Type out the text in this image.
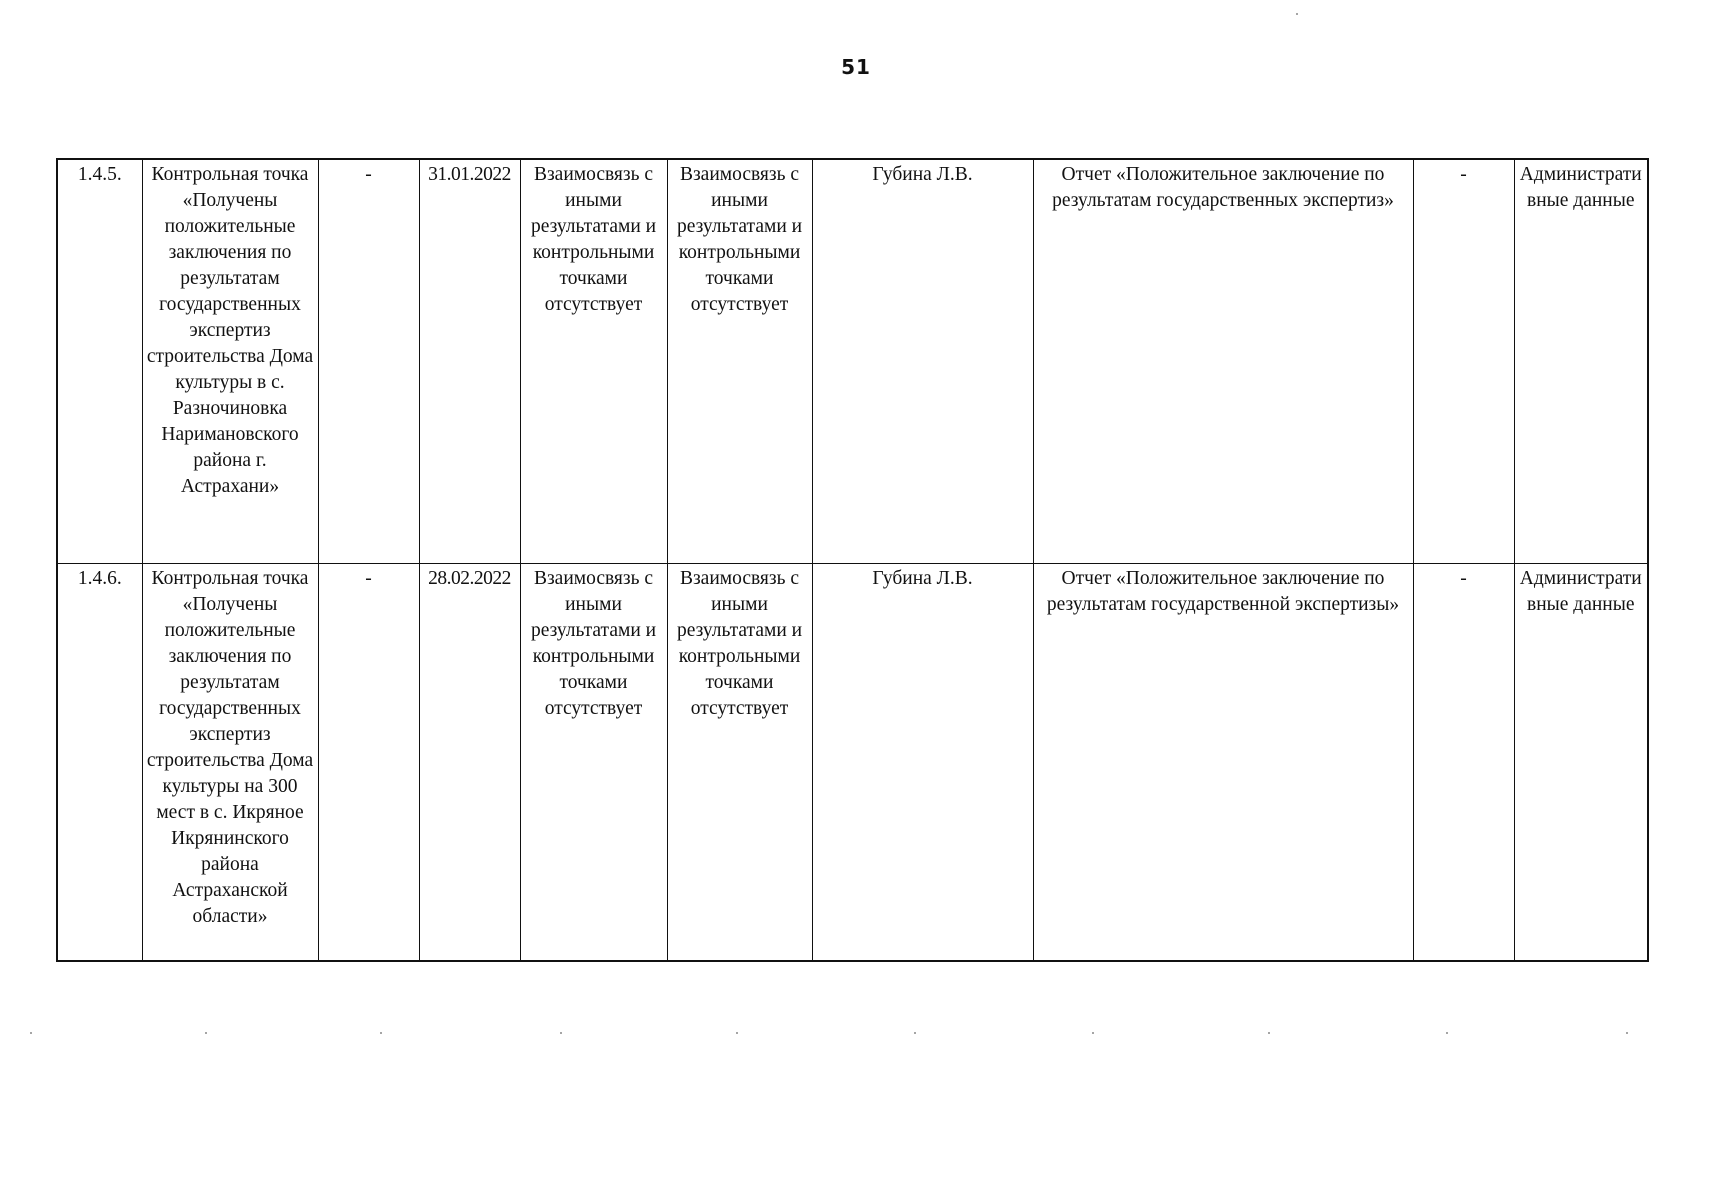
51
1.4.5.	Контрольная точка «Получены положительные заключения по результатам государственных экспертиз строительства Дома культуры в с. Разночиновка Наримановского района г. Астрахани»	-	31.01.2022	Взаимосвязь с иными результатами и контрольными точками отсутствует	Взаимосвязь с иными результатами и контрольными точками отсутствует	Губина Л.В.	Отчет «Положительное заключение по результатам государственных экспертиз»	-	Административные данные
1.4.6.	Контрольная точка «Получены положительные заключения по результатам государственных экспертиз строительства Дома культуры на 300 мест в с. Икряное Икрянинского района Астраханской области»	-	28.02.2022	Взаимосвязь с иными результатами и контрольными точками отсутствует	Взаимосвязь с иными результатами и контрольными точками отсутствует	Губина Л.В.	Отчет «Положительное заключение по результатам государственной экспертизы»	-	Административные данные
